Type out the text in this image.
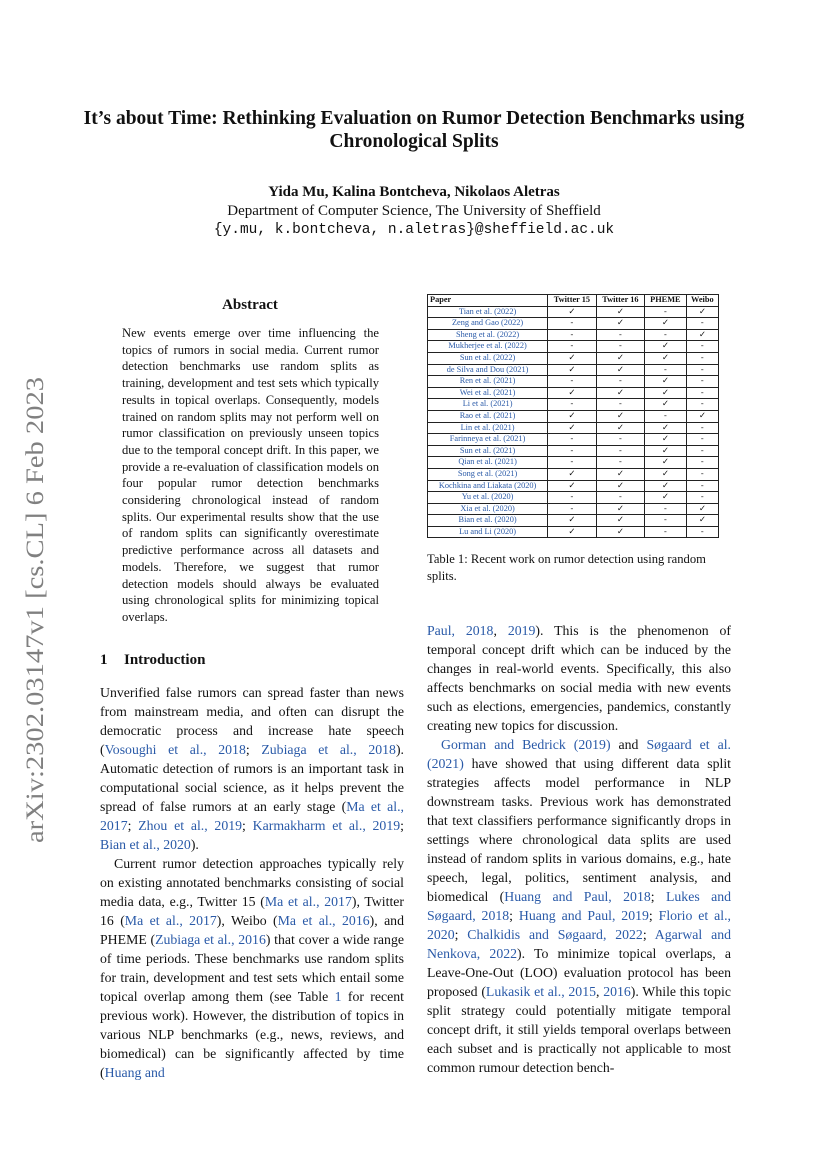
arXiv:2302.03147v1 [cs.CL] 6 Feb 2023
It’s about Time: Rethinking Evaluation on Rumor Detection Benchmarks using Chronological Splits
Yida Mu, Kalina Bontcheva, Nikolaos Aletras
Department of Computer Science, The University of Sheffield
{y.mu, k.bontcheva, n.aletras}@sheffield.ac.uk
Abstract
New events emerge over time influencing the topics of rumors in social media. Current rumor detection benchmarks use random splits as training, development and test sets which typically results in topical overlaps. Consequently, models trained on random splits may not perform well on rumor classification on previously unseen topics due to the temporal concept drift. In this paper, we provide a re-evaluation of classification models on four popular rumor detection benchmarks considering chronological instead of random splits. Our experimental results show that the use of random splits can significantly overestimate predictive performance across all datasets and models. Therefore, we suggest that rumor detection models should always be evaluated using chronological splits for minimizing topical overlaps.
1 Introduction

Unverified false rumors can spread faster than news from mainstream media, and often can disrupt the democratic process and increase hate speech (Vosoughi et al., 2018; Zubiaga et al., 2018). Automatic detection of rumors is an important task in computational social science, as it helps prevent the spread of false rumors at an early stage (Ma et al., 2017; Zhou et al., 2019; Karmakharm et al., 2019; Bian et al., 2020).

Current rumor detection approaches typically rely on existing annotated benchmarks consisting of social media data, e.g., Twitter 15 (Ma et al., 2017), Twitter 16 (Ma et al., 2017), Weibo (Ma et al., 2016), and PHEME (Zubiaga et al., 2016) that cover a wide range of time periods. These benchmarks use random splits for train, development and test sets which entail some topical overlap among them (see Table 1 for recent previous work). However, the distribution of topics in various NLP benchmarks (e.g., news, reviews, and biomedical) can be significantly affected by time (Huang and

Paper	Twitter 15	Twitter 16	PHEME	Weibo
Tian et al. (2022)	✓	✓	-	✓
Zeng and Gao (2022)	-	✓	✓	-
Sheng et al. (2022)	-	-	-	✓
Mukherjee et al. (2022)	-	-	✓	-
Sun et al. (2022)	✓	✓	✓	-
de Silva and Dou (2021)	✓	✓	-	-
Ren et al. (2021)	-	-	✓	-
Wei et al. (2021)	✓	✓	✓	-
Li et al. (2021)	-	-	✓	-
Rao et al. (2021)	✓	✓	-	✓
Lin et al. (2021)	✓	✓	✓	-
Farinneya et al. (2021)	-	-	✓	-
Sun et al. (2021)	-	-	✓	-
Qian et al. (2021)	-	-	✓	-
Song et al. (2021)	✓	✓	✓	-
Kochkina and Liakata (2020)	✓	✓	✓	-
Yu et al. (2020)	-	-	✓	-
Xia et al. (2020)	-	✓	-	✓
Bian et al. (2020)	✓	✓	-	✓
Lu and Li (2020)	✓	✓	-	-
Table 1: Recent work on rumor detection using random splits.

Paul, 2018, 2019). This is the phenomenon of temporal concept drift which can be induced by the changes in real-world events. Specifically, this also affects benchmarks on social media with new events such as elections, emergencies, pandemics, constantly creating new topics for discussion.

Gorman and Bedrick (2019) and Søgaard et al. (2021) have showed that using different data split strategies affects model performance in NLP downstream tasks. Previous work has demonstrated that text classifiers performance significantly drops in settings where chronological data splits are used instead of random splits in various domains, e.g., hate speech, legal, politics, sentiment analysis, and biomedical (Huang and Paul, 2018; Lukes and Søgaard, 2018; Huang and Paul, 2019; Florio et al., 2020; Chalkidis and Søgaard, 2022; Agarwal and Nenkova, 2022). To minimize topical overlaps, a Leave-One-Out (LOO) evaluation protocol has been proposed (Lukasik et al., 2015, 2016). While this topic split strategy could potentially mitigate temporal concept drift, it still yields temporal overlaps between each subset and is practically not applicable to most common rumour detection bench-
